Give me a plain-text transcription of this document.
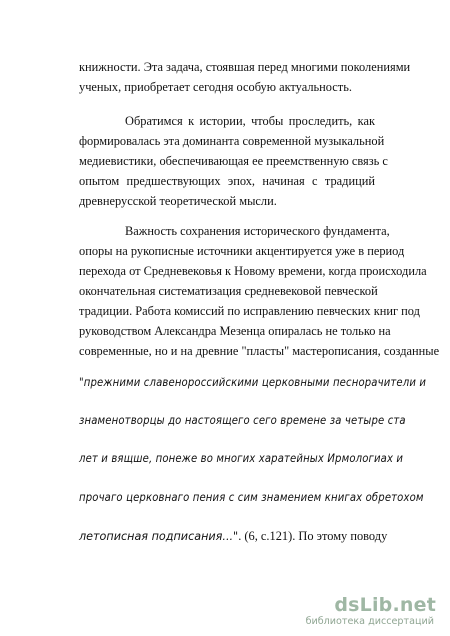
книжности. Эта задача, стоявшая перед многими поколениями
ученых, приобретает сегодня особую актуальность.
Обратимся к истории, чтобы проследить, как
формировалась эта доминанта современной музыкальной
медиевистики, обеспечивающая ее преемственную связь с
опытом предшествующих эпох, начиная с традиций
древнерусской теоретической мысли.
Важность сохранения исторического фундамента,
опоры на рукописные источники акцентируется уже в период
перехода от Средневековья к Новому времени, когда происходила
окончательная систематизация средневековой певческой
традиции. Работа комиссий по исправлению певческих книг под
руководством Александра Мезенца опиралась не только на
современные, но и на древние "пласты" мастерописания, созданные
"прежними славенороссийскими церковными песнорачители и
знаменотворцы до настоящего сего времене за четыре ста
лет и вящше, понеже во многих харатейных Ирмологиах и
прочаго церковнаго пения с сим знамением книгах обретохом
летописная подписания...". (6, с.121). По этому поводу
dsLib.net
библиотека диссертаций
